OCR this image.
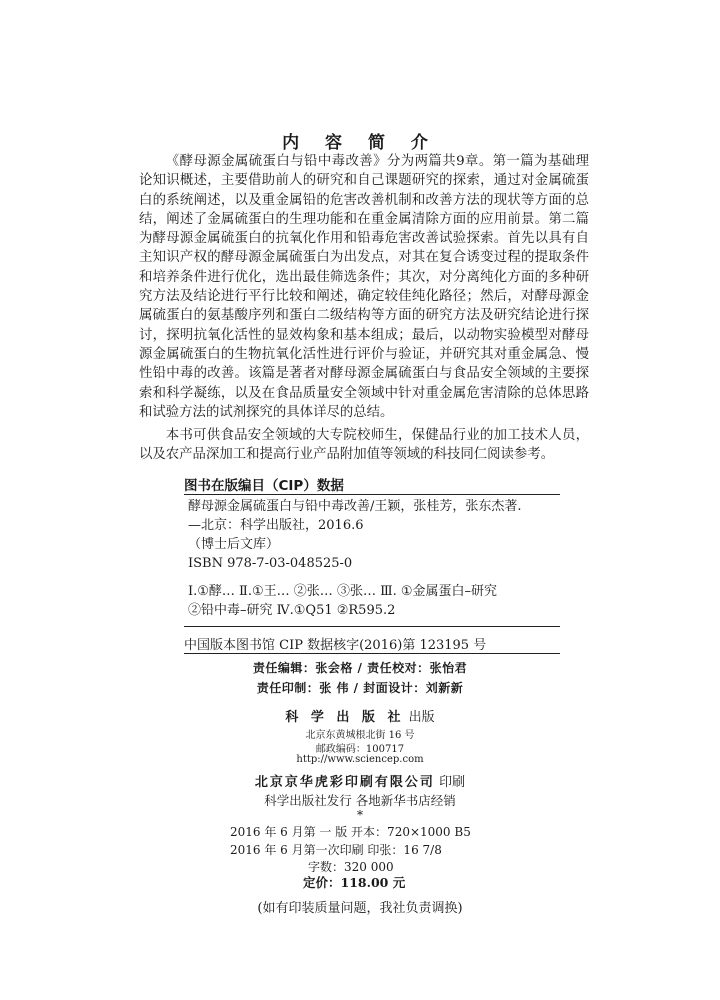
内 容 简 介

《酵母源金属硫蛋白与铅中毒改善》分为两篇共9章。第一篇为基础理论知识概述，主要借助前人的研究和自己课题研究的探索，通过对金属硫蛋白的系统阐述，以及重金属铅的危害改善机制和改善方法的现状等方面的总结，阐述了金属硫蛋白的生理功能和在重金属清除方面的应用前景。第二篇为酵母源金属硫蛋白的抗氧化作用和铅毒危害改善试验探索。首先以具有自主知识产权的酵母源金属硫蛋白为出发点，对其在复合诱变过程的提取条件和培养条件进行优化，选出最佳筛选条件；其次，对分离纯化方面的多种研究方法及结论进行平行比较和阐述，确定较佳纯化路径；然后，对酵母源金属硫蛋白的氨基酸序列和蛋白二级结构等方面的研究方法及研究结论进行探讨，探明抗氧化活性的显效构象和基本组成；最后，以动物实验模型对酵母源金属硫蛋白的生物抗氧化活性进行评价与验证，并研究其对重金属急、慢性铅中毒的改善。该篇是著者对酵母源金属硫蛋白与食品安全领域的主要探索和科学凝练，以及在食品质量安全领域中针对重金属危害清除的总体思路和试验方法的试剂探究的具体详尽的总结。

本书可供食品安全领域的大专院校师生，保健品行业的加工技术人员，以及农产品深加工和提高行业产品附加值等领域的科技同仁阅读参考。

图书在版编目（CIP）数据
酵母源金属硫蛋白与铅中毒改善/王颖，张桂芳，张东杰著.
—北京：科学出版社，2016.6
（博士后文库）
ISBN 978-7-03-048525-0
Ⅰ.①酵… Ⅱ.①王… ②张… ③张… Ⅲ. ①金属蛋白–研究
②铅中毒–研究 Ⅳ.①Q51 ②R595.2
中国版本图书馆 CIP 数据核字(2016)第 123195 号
责任编辑：张会格 / 责任校对：张怡君
责任印制：张 伟 / 封面设计：刘新新
科 学 出 版 社 出版
北京东黄城根北街 16 号
邮政编码：100717
http://www.sciencep.com
北京京华虎彩印刷有限公司 印刷
科学出版社发行 各地新华书店经销
*
2016 年 6 月第 一 版 开本：720×1000 B5
2016 年 6 月第一次印刷 印张：16 7/8
字数：320 000
定价：118.00 元
(如有印装质量问题，我社负责调换)
